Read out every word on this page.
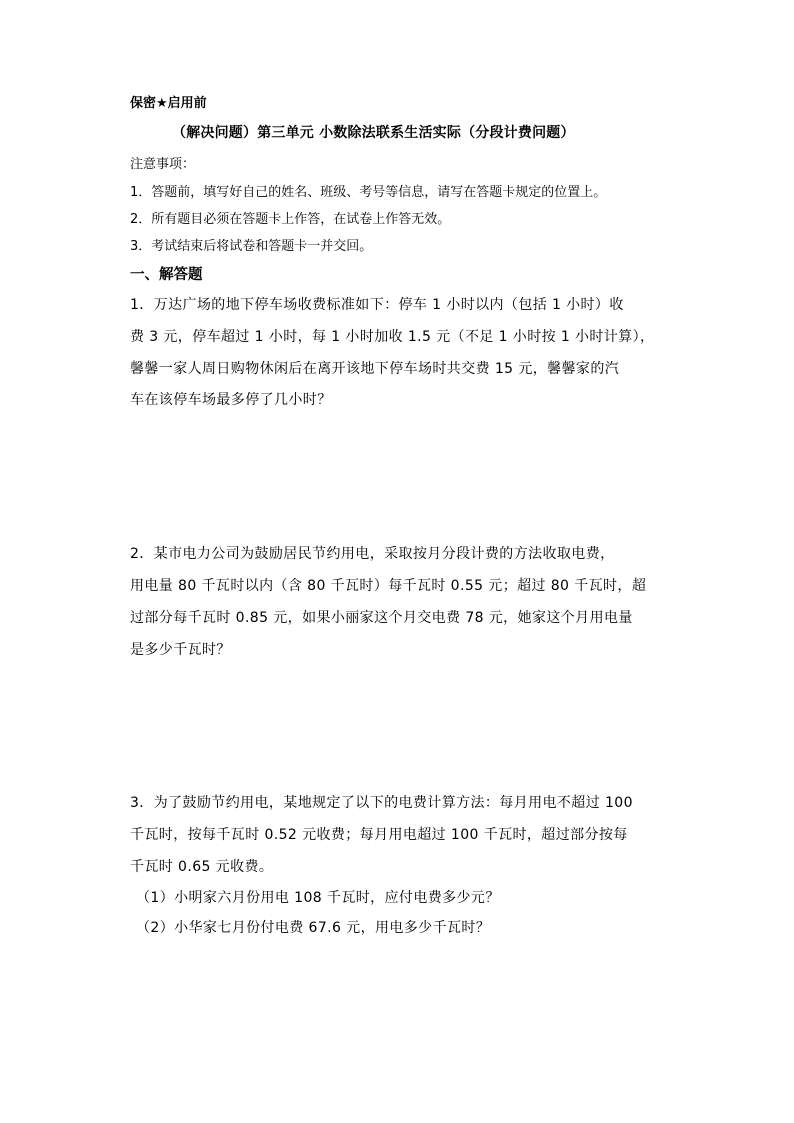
保密★启用前
（解决问题）第三单元 小数除法联系生活实际（分段计费问题）
注意事项：
1．答题前，填写好自己的姓名、班级、考号等信息，请写在答题卡规定的位置上。
2．所有题目必须在答题卡上作答，在试卷上作答无效。
3．考试结束后将试卷和答题卡一并交回。
一、解答题
1．万达广场的地下停车场收费标准如下：停车 1 小时以内（包括 1 小时）收
费 3 元，停车超过 1 小时，每 1 小时加收 1.5 元（不足 1 小时按 1 小时计算），
馨馨一家人周日购物休闲后在离开该地下停车场时共交费 15 元，馨馨家的汽
车在该停车场最多停了几小时？
2．某市电力公司为鼓励居民节约用电，采取按月分段计费的方法收取电费，
用电量 80 千瓦时以内（含 80 千瓦时）每千瓦时 0.55 元；超过 80 千瓦时，超
过部分每千瓦时 0.85 元，如果小丽家这个月交电费 78 元，她家这个月用电量
是多少千瓦时？
3．为了鼓励节约用电，某地规定了以下的电费计算方法：每月用电不超过 100
千瓦时，按每千瓦时 0.52 元收费；每月用电超过 100 千瓦时，超过部分按每
千瓦时 0.65 元收费。
（1）小明家六月份用电 108 千瓦时，应付电费多少元？
（2）小华家七月份付电费 67.6 元，用电多少千瓦时？
